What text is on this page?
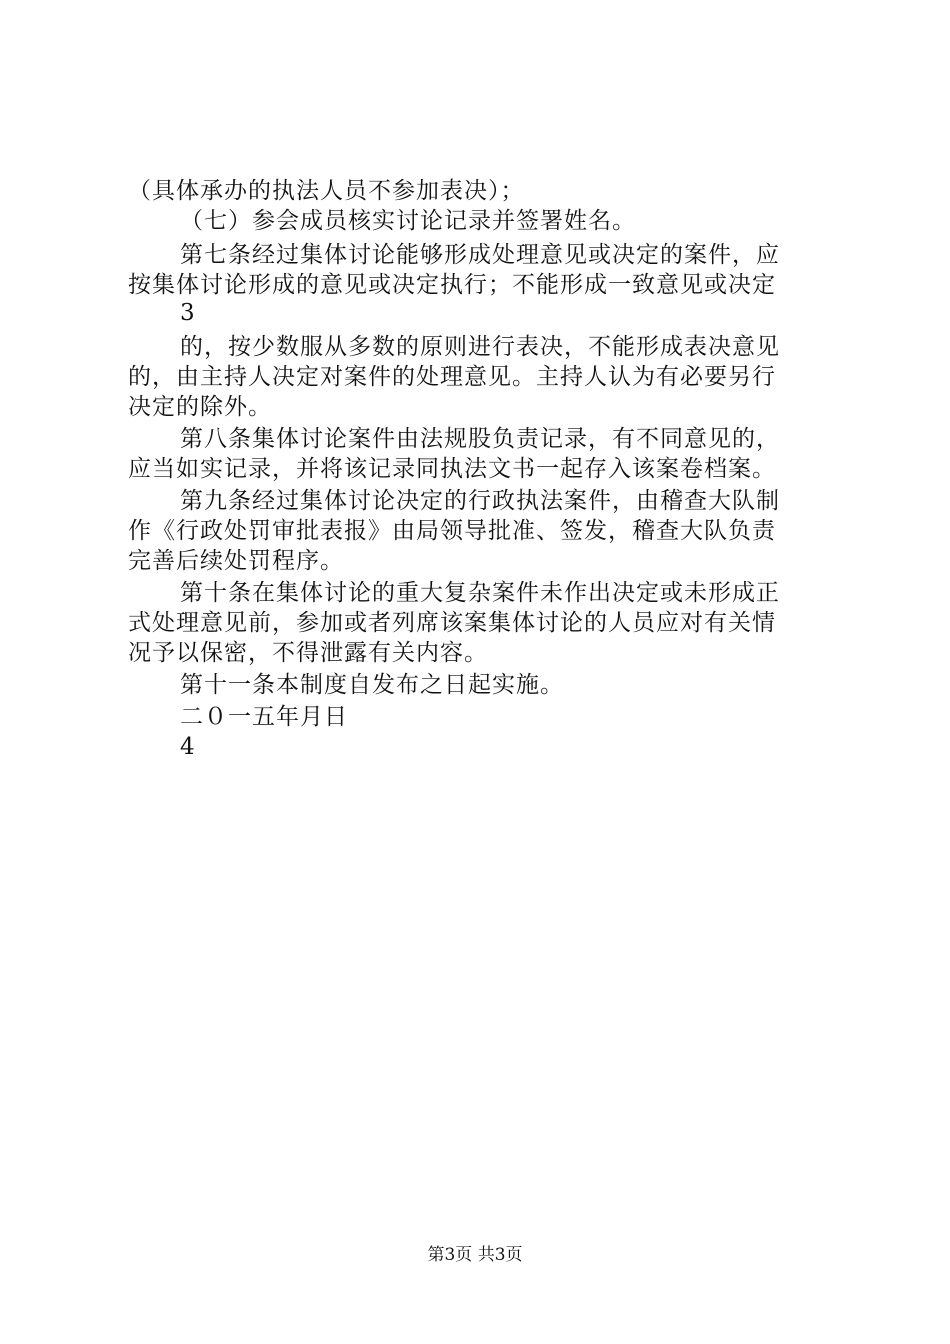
（具体承办的执法人员不参加表决）；
（七）参会成员核实讨论记录并签署姓名。
第七条经过集体讨论能够形成处理意见或决定的案件，应
按集体讨论形成的意见或决定执行；不能形成一致意见或决定
3
的，按少数服从多数的原则进行表决，不能形成表决意见
的，由主持人决定对案件的处理意见。主持人认为有必要另行
决定的除外。
第八条集体讨论案件由法规股负责记录，有不同意见的，
应当如实记录，并将该记录同执法文书一起存入该案卷档案。
第九条经过集体讨论决定的行政执法案件，由稽查大队制
作《行政处罚审批表报》由局领导批准、签发，稽查大队负责
完善后续处罚程序。
第十条在集体讨论的重大复杂案件未作出决定或未形成正
式处理意见前，参加或者列席该案集体讨论的人员应对有关情
况予以保密，不得泄露有关内容。
第十一条本制度自发布之日起实施。
二０一五年月日
4
第3页 共3页
